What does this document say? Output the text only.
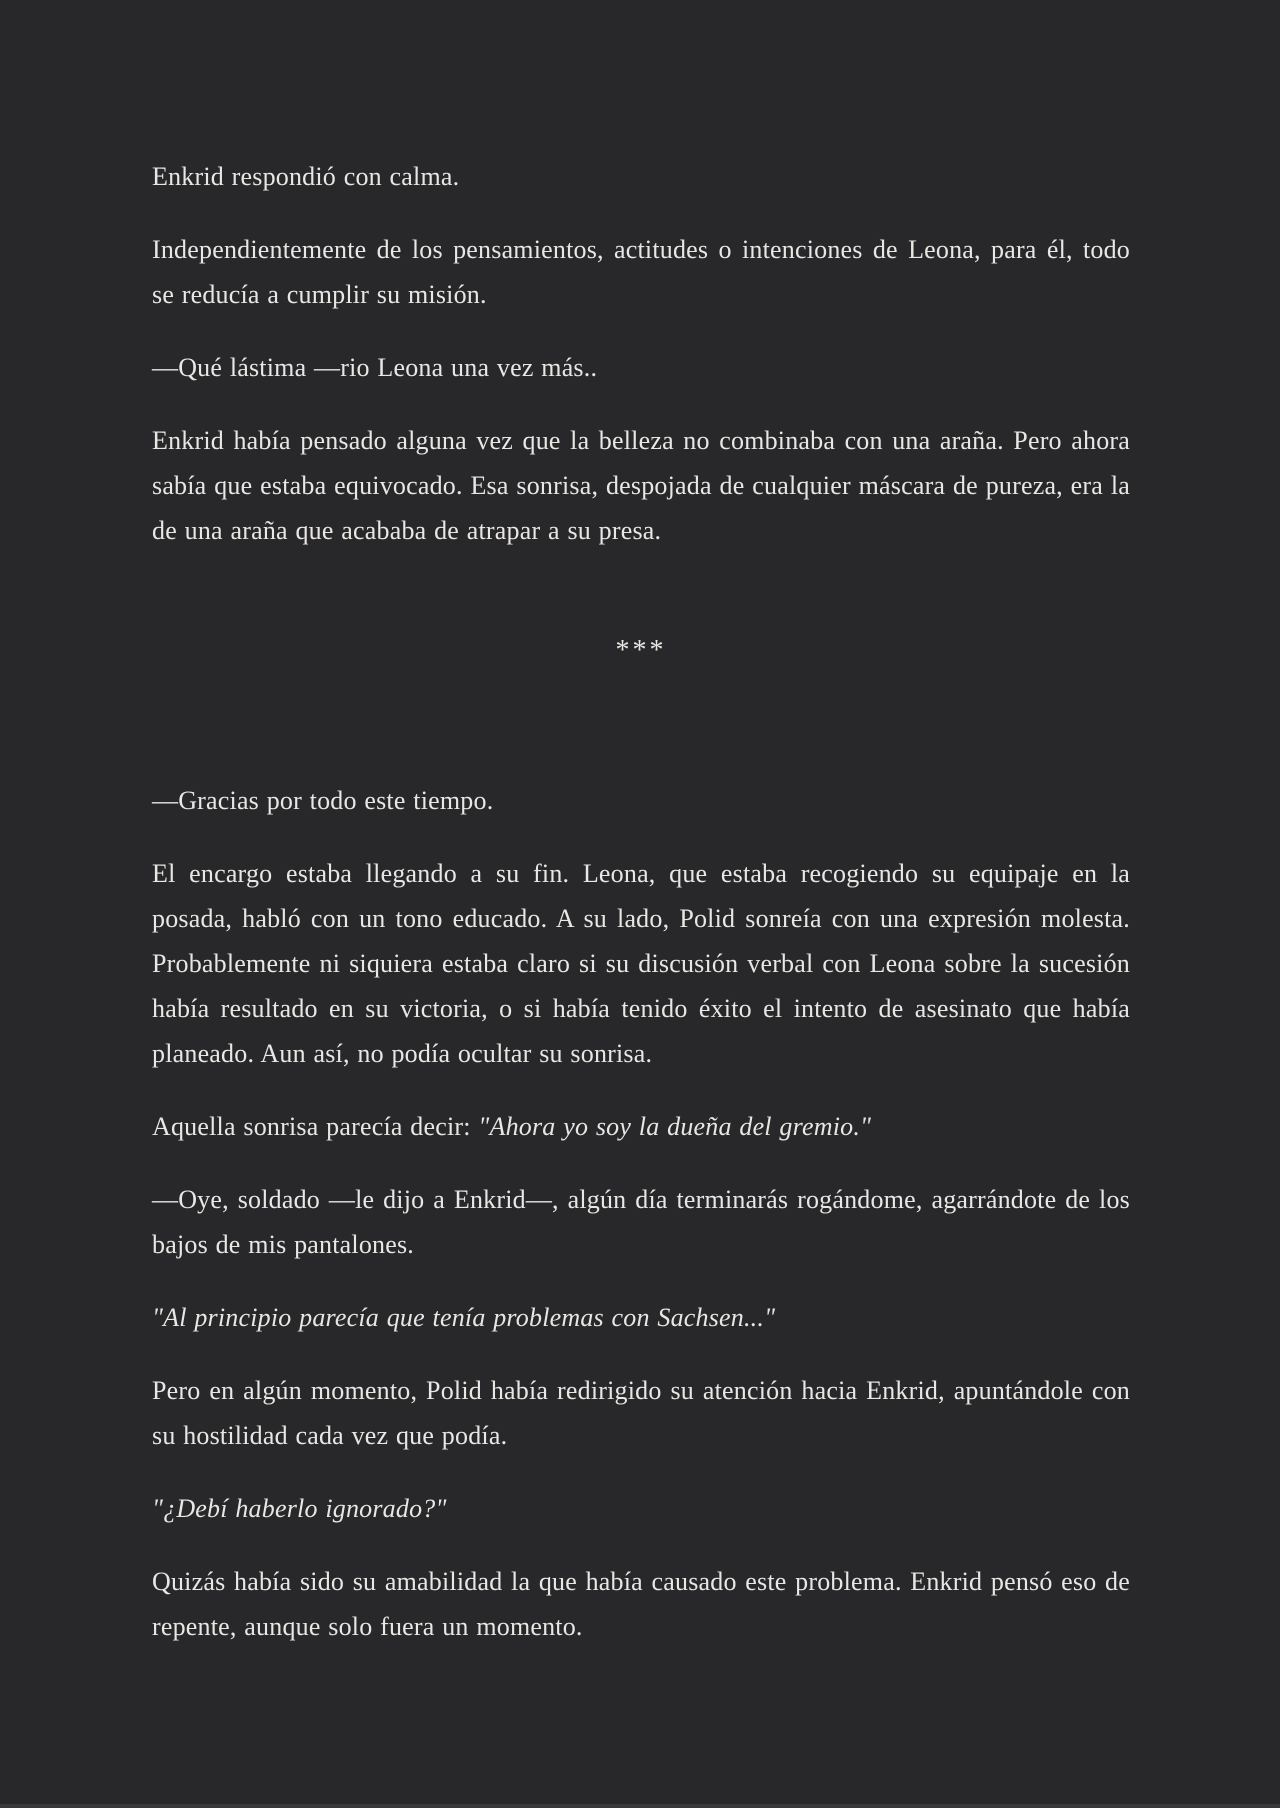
Enkrid respondió con calma.

Independientemente de los pensamientos, actitudes o intenciones de Leona, para él, todo se reducía a cumplir su misión.

—Qué lástima —rio Leona una vez más..

Enkrid había pensado alguna vez que la belleza no combinaba con una araña. Pero ahora sabía que estaba equivocado. Esa sonrisa, despojada de cualquier máscara de pureza, era la de una araña que acababa de atrapar a su presa.

***

—Gracias por todo este tiempo.

El encargo estaba llegando a su fin. Leona, que estaba recogiendo su equipaje en la posada, habló con un tono educado. A su lado, Polid sonreía con una expresión molesta. Probablemente ni siquiera estaba claro si su discusión verbal con Leona sobre la sucesión había resultado en su victoria, o si había tenido éxito el intento de asesinato que había planeado. Aun así, no podía ocultar su sonrisa.

Aquella sonrisa parecía decir: "Ahora yo soy la dueña del gremio."

—Oye, soldado —le dijo a Enkrid—, algún día terminarás rogándome, agarrándote de los bajos de mis pantalones.

"Al principio parecía que tenía problemas con Sachsen..."

Pero en algún momento, Polid había redirigido su atención hacia Enkrid, apuntándole con su hostilidad cada vez que podía.

"¿Debí haberlo ignorado?"

Quizás había sido su amabilidad la que había causado este problema. Enkrid pensó eso de repente, aunque solo fuera un momento.
